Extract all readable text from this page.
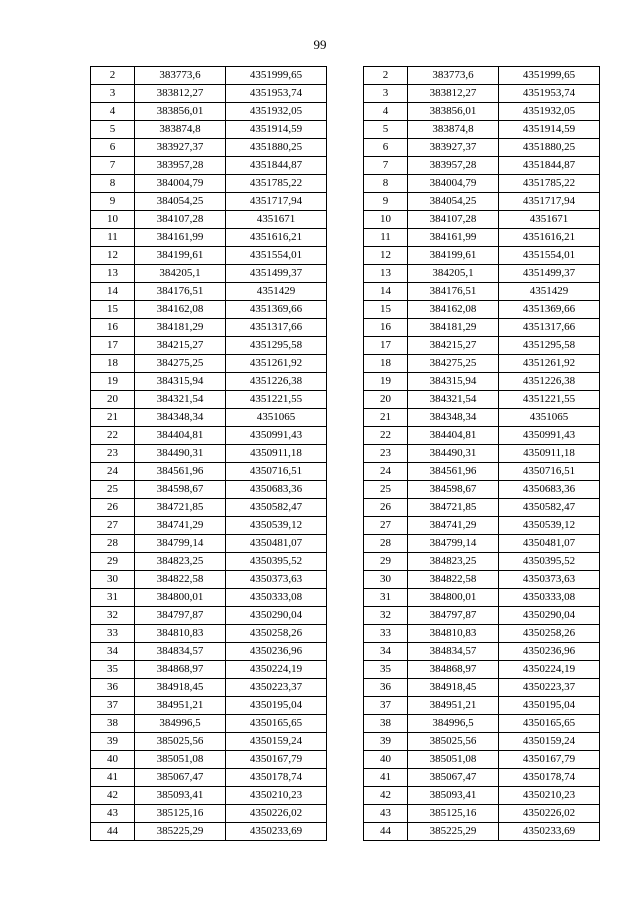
99
2	383773,6	4351999,65
3	383812,27	4351953,74
4	383856,01	4351932,05
5	383874,8	4351914,59
6	383927,37	4351880,25
7	383957,28	4351844,87
8	384004,79	4351785,22
9	384054,25	4351717,94
10	384107,28	4351671
11	384161,99	4351616,21
12	384199,61	4351554,01
13	384205,1	4351499,37
14	384176,51	4351429
15	384162,08	4351369,66
16	384181,29	4351317,66
17	384215,27	4351295,58
18	384275,25	4351261,92
19	384315,94	4351226,38
20	384321,54	4351221,55
21	384348,34	4351065
22	384404,81	4350991,43
23	384490,31	4350911,18
24	384561,96	4350716,51
25	384598,67	4350683,36
26	384721,85	4350582,47
27	384741,29	4350539,12
28	384799,14	4350481,07
29	384823,25	4350395,52
30	384822,58	4350373,63
31	384800,01	4350333,08
32	384797,87	4350290,04
33	384810,83	4350258,26
34	384834,57	4350236,96
35	384868,97	4350224,19
36	384918,45	4350223,37
37	384951,21	4350195,04
38	384996,5	4350165,65
39	385025,56	4350159,24
40	385051,08	4350167,79
41	385067,47	4350178,74
42	385093,41	4350210,23
43	385125,16	4350226,02
44	385225,29	4350233,69
2	383773,6	4351999,65
3	383812,27	4351953,74
4	383856,01	4351932,05
5	383874,8	4351914,59
6	383927,37	4351880,25
7	383957,28	4351844,87
8	384004,79	4351785,22
9	384054,25	4351717,94
10	384107,28	4351671
11	384161,99	4351616,21
12	384199,61	4351554,01
13	384205,1	4351499,37
14	384176,51	4351429
15	384162,08	4351369,66
16	384181,29	4351317,66
17	384215,27	4351295,58
18	384275,25	4351261,92
19	384315,94	4351226,38
20	384321,54	4351221,55
21	384348,34	4351065
22	384404,81	4350991,43
23	384490,31	4350911,18
24	384561,96	4350716,51
25	384598,67	4350683,36
26	384721,85	4350582,47
27	384741,29	4350539,12
28	384799,14	4350481,07
29	384823,25	4350395,52
30	384822,58	4350373,63
31	384800,01	4350333,08
32	384797,87	4350290,04
33	384810,83	4350258,26
34	384834,57	4350236,96
35	384868,97	4350224,19
36	384918,45	4350223,37
37	384951,21	4350195,04
38	384996,5	4350165,65
39	385025,56	4350159,24
40	385051,08	4350167,79
41	385067,47	4350178,74
42	385093,41	4350210,23
43	385125,16	4350226,02
44	385225,29	4350233,69
